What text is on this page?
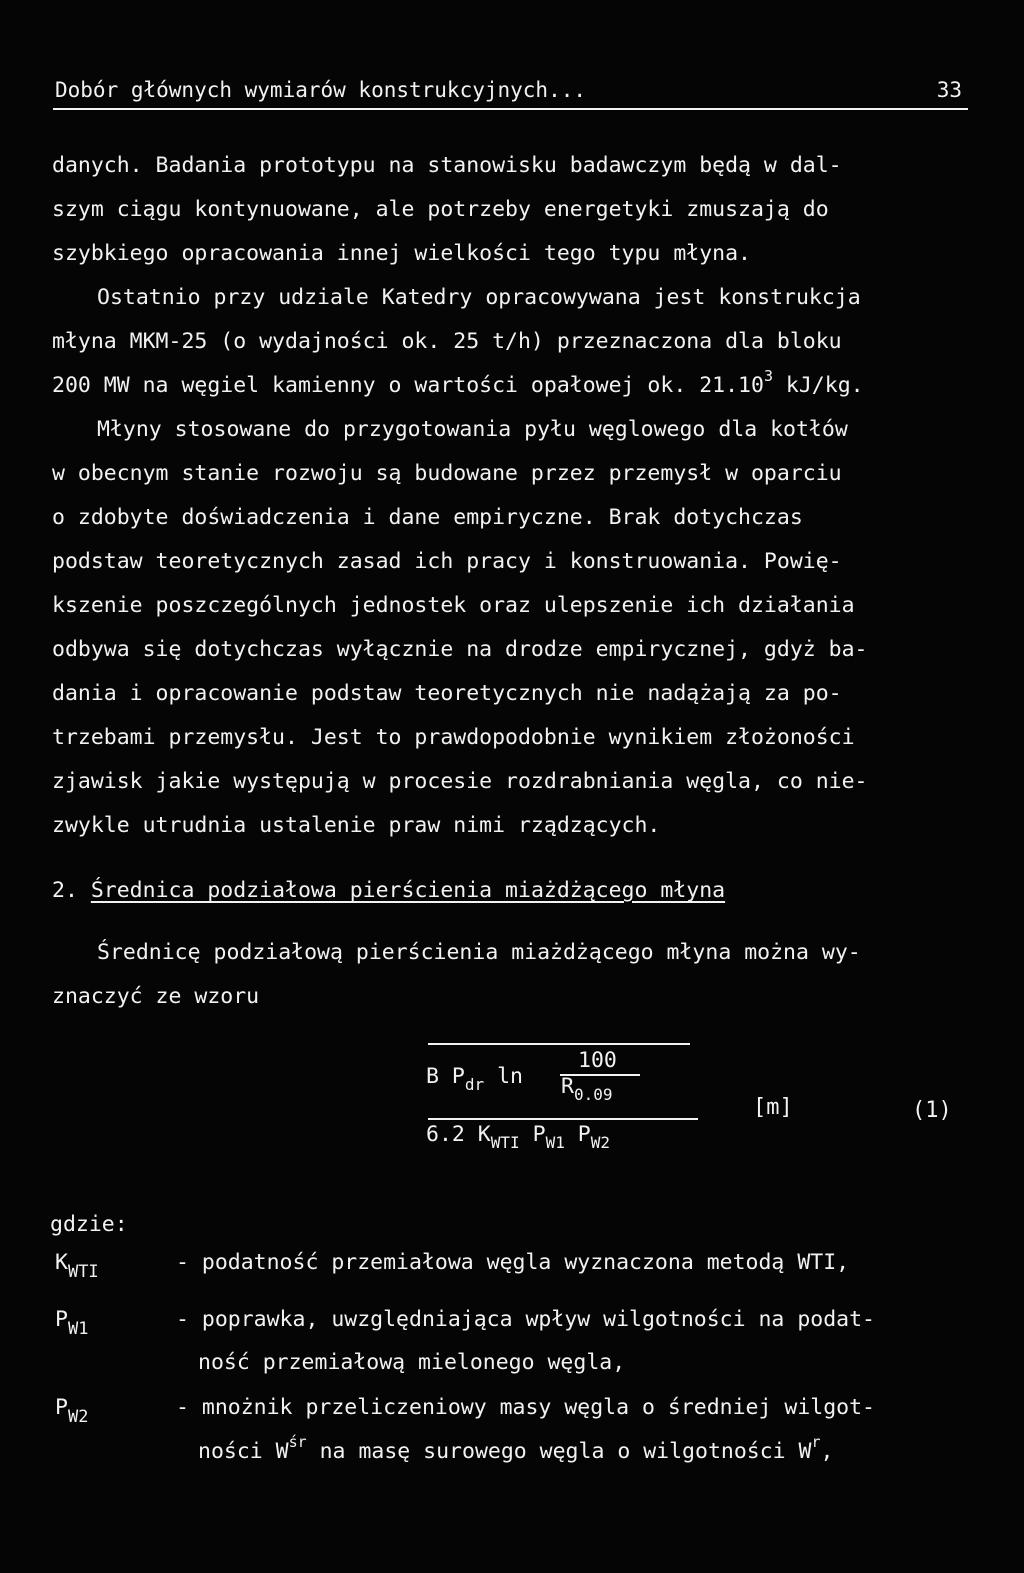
Dobór głównych wymiarów konstrukcyjnych...	33
danych. Badania prototypu na stanowisku badawczym będą w dal-
szym ciągu kontynuowane, ale potrzeby energetyki zmuszają do
szybkiego opracowania innej wielkości tego typu młyna.
Ostatnio przy udziale Katedry opracowywana jest konstrukcja
młyna MKM-25 (o wydajności ok. 25 t/h) przeznaczona dla bloku
200 MW na węgiel kamienny o wartości opałowej ok. 21.10$^3$ kJ/kg.
Młyny stosowane do przygotowania pyłu węglowego dla kotłów
w obecnym stanie rozwoju są budowane przez przemysł w oparciu
o zdobyte doświadczenia i dane empiryczne. Brak dotychczas
podstaw teoretycznych zasad ich pracy i konstruowania. Powię-
kszenie poszczególnych jednostek oraz ulepszenie ich działania
odbywa się dotychczas wyłącznie na drodze empirycznej, gdyż ba-
dania i opracowanie podstaw teoretycznych nie nadążają za po-
trzebami przemysłu. Jest to prawdopodobnie wynikiem złożoności
zjawisk jakie występują w procesie rozdrabniania węgla, co nie-
zwykle utrudnia ustalenie praw nimi rządzących.
2. Średnica podziałowa pierścienia miażdżącego młyna
Średnicę podziałową pierścienia miażdżącego młyna można wy-
znaczyć ze wzoru
B $P_{dr}$ ln
100
$R_{0.09}$
6.2 $K_{WTI}$ $P_{W1}$ $P_{W2}$
[m]	(1)
gdzie:
$K_{WTI}$	- podatność przemiałowa węgla wyznaczona metodą WTI,
$P_{W1}$	- poprawka, uwzględniająca wpływ wilgotności na podat-
ność przemiałową mielonego węgla,
$P_{W2}$	- mnożnik przeliczeniowy masy węgla o średniej wilgot-
ności $W^{śr}$ na masę surowego węgla o wilgotności $W^r$,
